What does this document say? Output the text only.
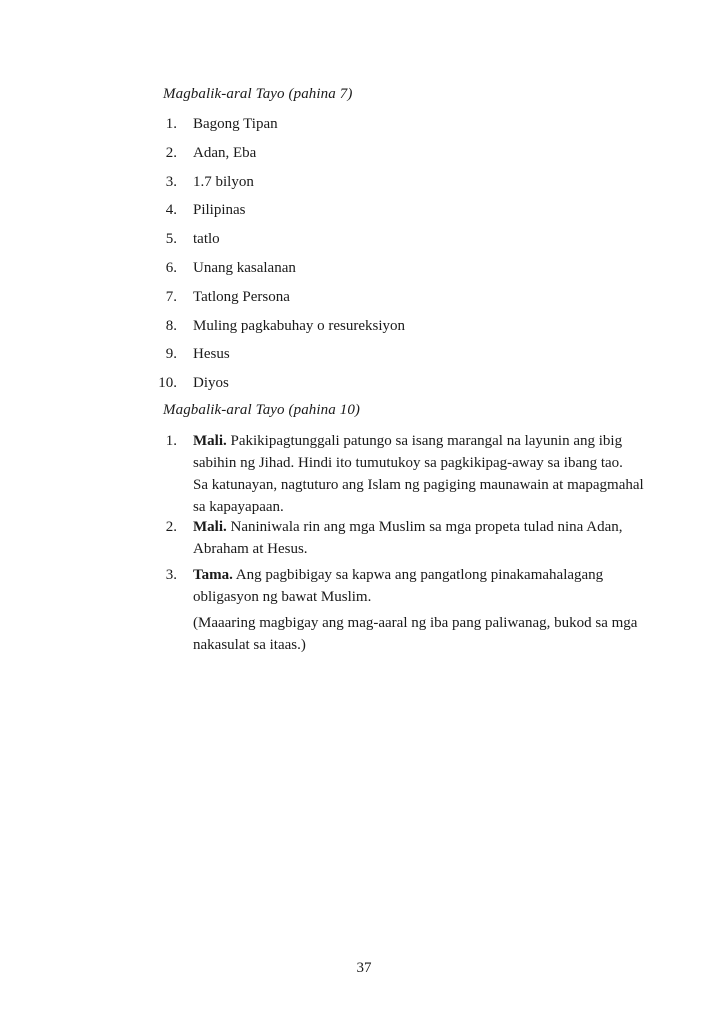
Magbalik-aral Tayo (pahina 7)
1. Bagong Tipan
2. Adan, Eba
3. 1.7 bilyon
4. Pilipinas
5. tatlo
6. Unang kasalanan
7. Tatlong Persona
8. Muling pagkabuhay o resureksiyon
9. Hesus
10. Diyos
Magbalik-aral Tayo (pahina 10)
1. Mali. Pakikipagtunggali patungo sa isang marangal na layunin ang ibig
sabihin ng Jihad. Hindi ito tumutukoy sa pagkikipag-away sa ibang tao.
Sa katunayan, nagtuturo ang Islam ng pagiging maunawain at mapagmahal
sa kapayapaan.
2. Mali. Naniniwala rin ang mga Muslim sa mga propeta tulad nina Adan,
Abraham at Hesus.
3. Tama. Ang pagbibigay sa kapwa ang pangatlong pinakamahalagang
obligasyon ng bawat Muslim.
(Maaaring magbigay ang mag-aaral ng iba pang paliwanag, bukod sa mga
nakasulat sa itaas.)
37
